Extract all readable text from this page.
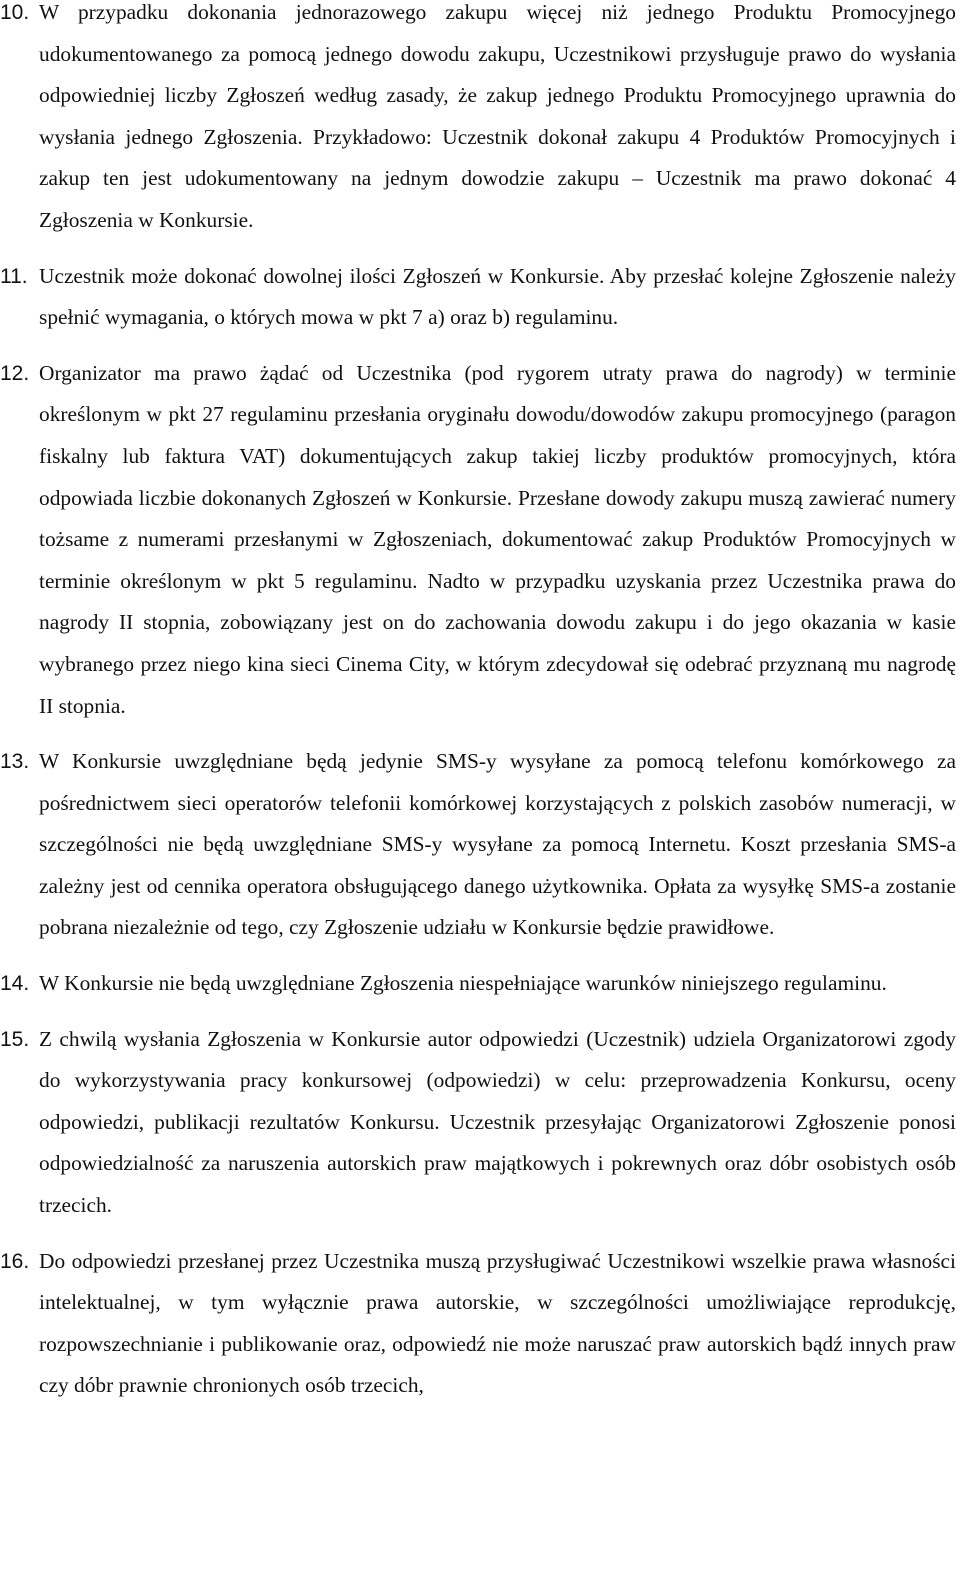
10. W przypadku dokonania jednorazowego zakupu więcej niż jednego Produktu Promocyjnego udokumentowanego za pomocą jednego dowodu zakupu, Uczestnikowi przysługuje prawo do wysłania odpowiedniej liczby Zgłoszeń według zasady, że zakup jednego Produktu Promocyjnego uprawnia do wysłania jednego Zgłoszenia. Przykładowo: Uczestnik dokonał zakupu 4 Produktów Promocyjnych i zakup ten jest udokumentowany na jednym dowodzie zakupu – Uczestnik ma prawo dokonać 4 Zgłoszenia w Konkursie.
11. Uczestnik może dokonać dowolnej ilości Zgłoszeń w Konkursie. Aby przesłać kolejne Zgłoszenie należy spełnić wymagania, o których mowa w pkt 7 a) oraz b) regulaminu.
12. Organizator ma prawo żądać od Uczestnika (pod rygorem utraty prawa do nagrody) w terminie określonym w pkt 27 regulaminu przesłania oryginału dowodu/dowodów zakupu promocyjnego (paragon fiskalny lub faktura VAT) dokumentujących zakup takiej liczby produktów promocyjnych, która odpowiada liczbie dokonanych Zgłoszeń w Konkursie. Przesłane dowody zakupu muszą zawierać numery tożsame z numerami przesłanymi w Zgłoszeniach, dokumentować zakup Produktów Promocyjnych w terminie określonym w pkt 5 regulaminu. Nadto w przypadku uzyskania przez Uczestnika prawa do nagrody II stopnia, zobowiązany jest on do zachowania dowodu zakupu i do jego okazania w kasie wybranego przez niego kina sieci Cinema City, w którym zdecydował się odebrać przyznaną mu nagrodę II stopnia.
13. W Konkursie uwzględniane będą jedynie SMS-y wysyłane za pomocą telefonu komórkowego za pośrednictwem sieci operatorów telefonii komórkowej korzystających z polskich zasobów numeracji, w szczególności nie będą uwzględniane SMS-y wysyłane za pomocą Internetu. Koszt przesłania SMS-a zależny jest od cennika operatora obsługującego danego użytkownika. Opłata za wysyłkę SMS-a zostanie pobrana niezależnie od tego, czy Zgłoszenie udziału w Konkursie będzie prawidłowe.
14. W Konkursie nie będą uwzględniane Zgłoszenia niespełniające warunków niniejszego regulaminu.
15. Z chwilą wysłania Zgłoszenia w Konkursie autor odpowiedzi (Uczestnik) udziela Organizatorowi zgody do wykorzystywania pracy konkursowej (odpowiedzi) w celu: przeprowadzenia Konkursu, oceny odpowiedzi, publikacji rezultatów Konkursu. Uczestnik przesyłając Organizatorowi Zgłoszenie ponosi odpowiedzialność za naruszenia autorskich praw majątkowych i pokrewnych oraz dóbr osobistych osób trzecich.
16. Do odpowiedzi przesłanej przez Uczestnika muszą przysługiwać Uczestnikowi wszelkie prawa własności intelektualnej, w tym wyłącznie prawa autorskie, w szczególności umożliwiające reprodukcję, rozpowszechnianie i publikowanie oraz, odpowiedź nie może naruszać praw autorskich bądź innych praw czy dóbr prawnie chronionych osób trzecich,
